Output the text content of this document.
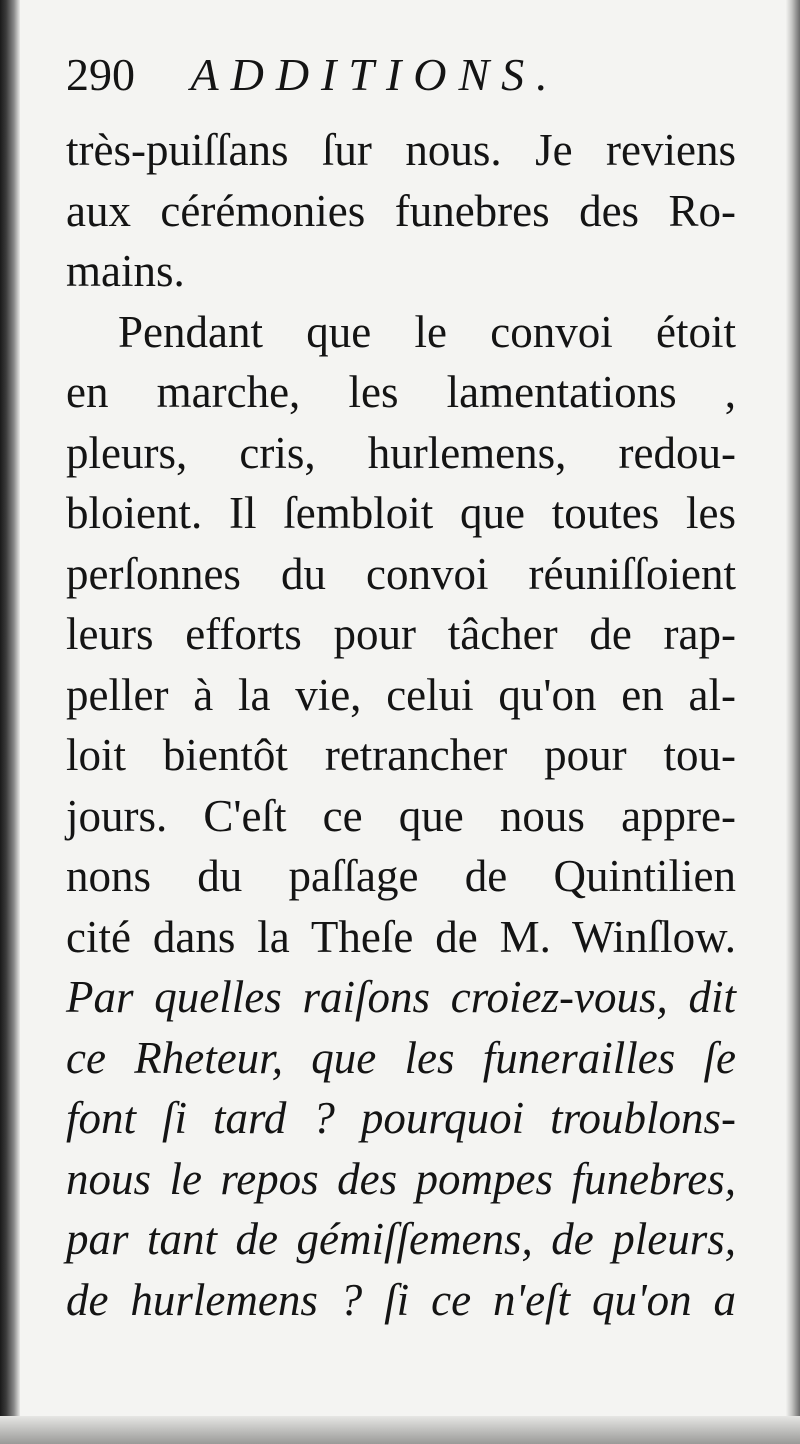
290 ADDITIONS.
très-puiſſans ſur nous. Je reviens
aux cérémonies funebres des Ro-
mains.
Pendant que le convoi étoit
en marche, les lamentations ,
pleurs, cris, hurlemens, redou-
bloient. Il ſembloit que toutes les
perſonnes du convoi réuniſſoient
leurs efforts pour tâcher de rap-
peller à la vie, celui qu'on en al-
loit bientôt retrancher pour tou-
jours. C'eſt ce que nous appre-
nons du paſſage de Quintilien
cité dans la Theſe de M. Winſlow.
Par quelles raiſons croiez-vous, dit
ce Rheteur, que les funerailles ſe
font ſi tard ? pourquoi troublons-
nous le repos des pompes funebres,
par tant de gémiſſemens, de pleurs,
de hurlemens ? ſi ce n'eſt qu'on a
